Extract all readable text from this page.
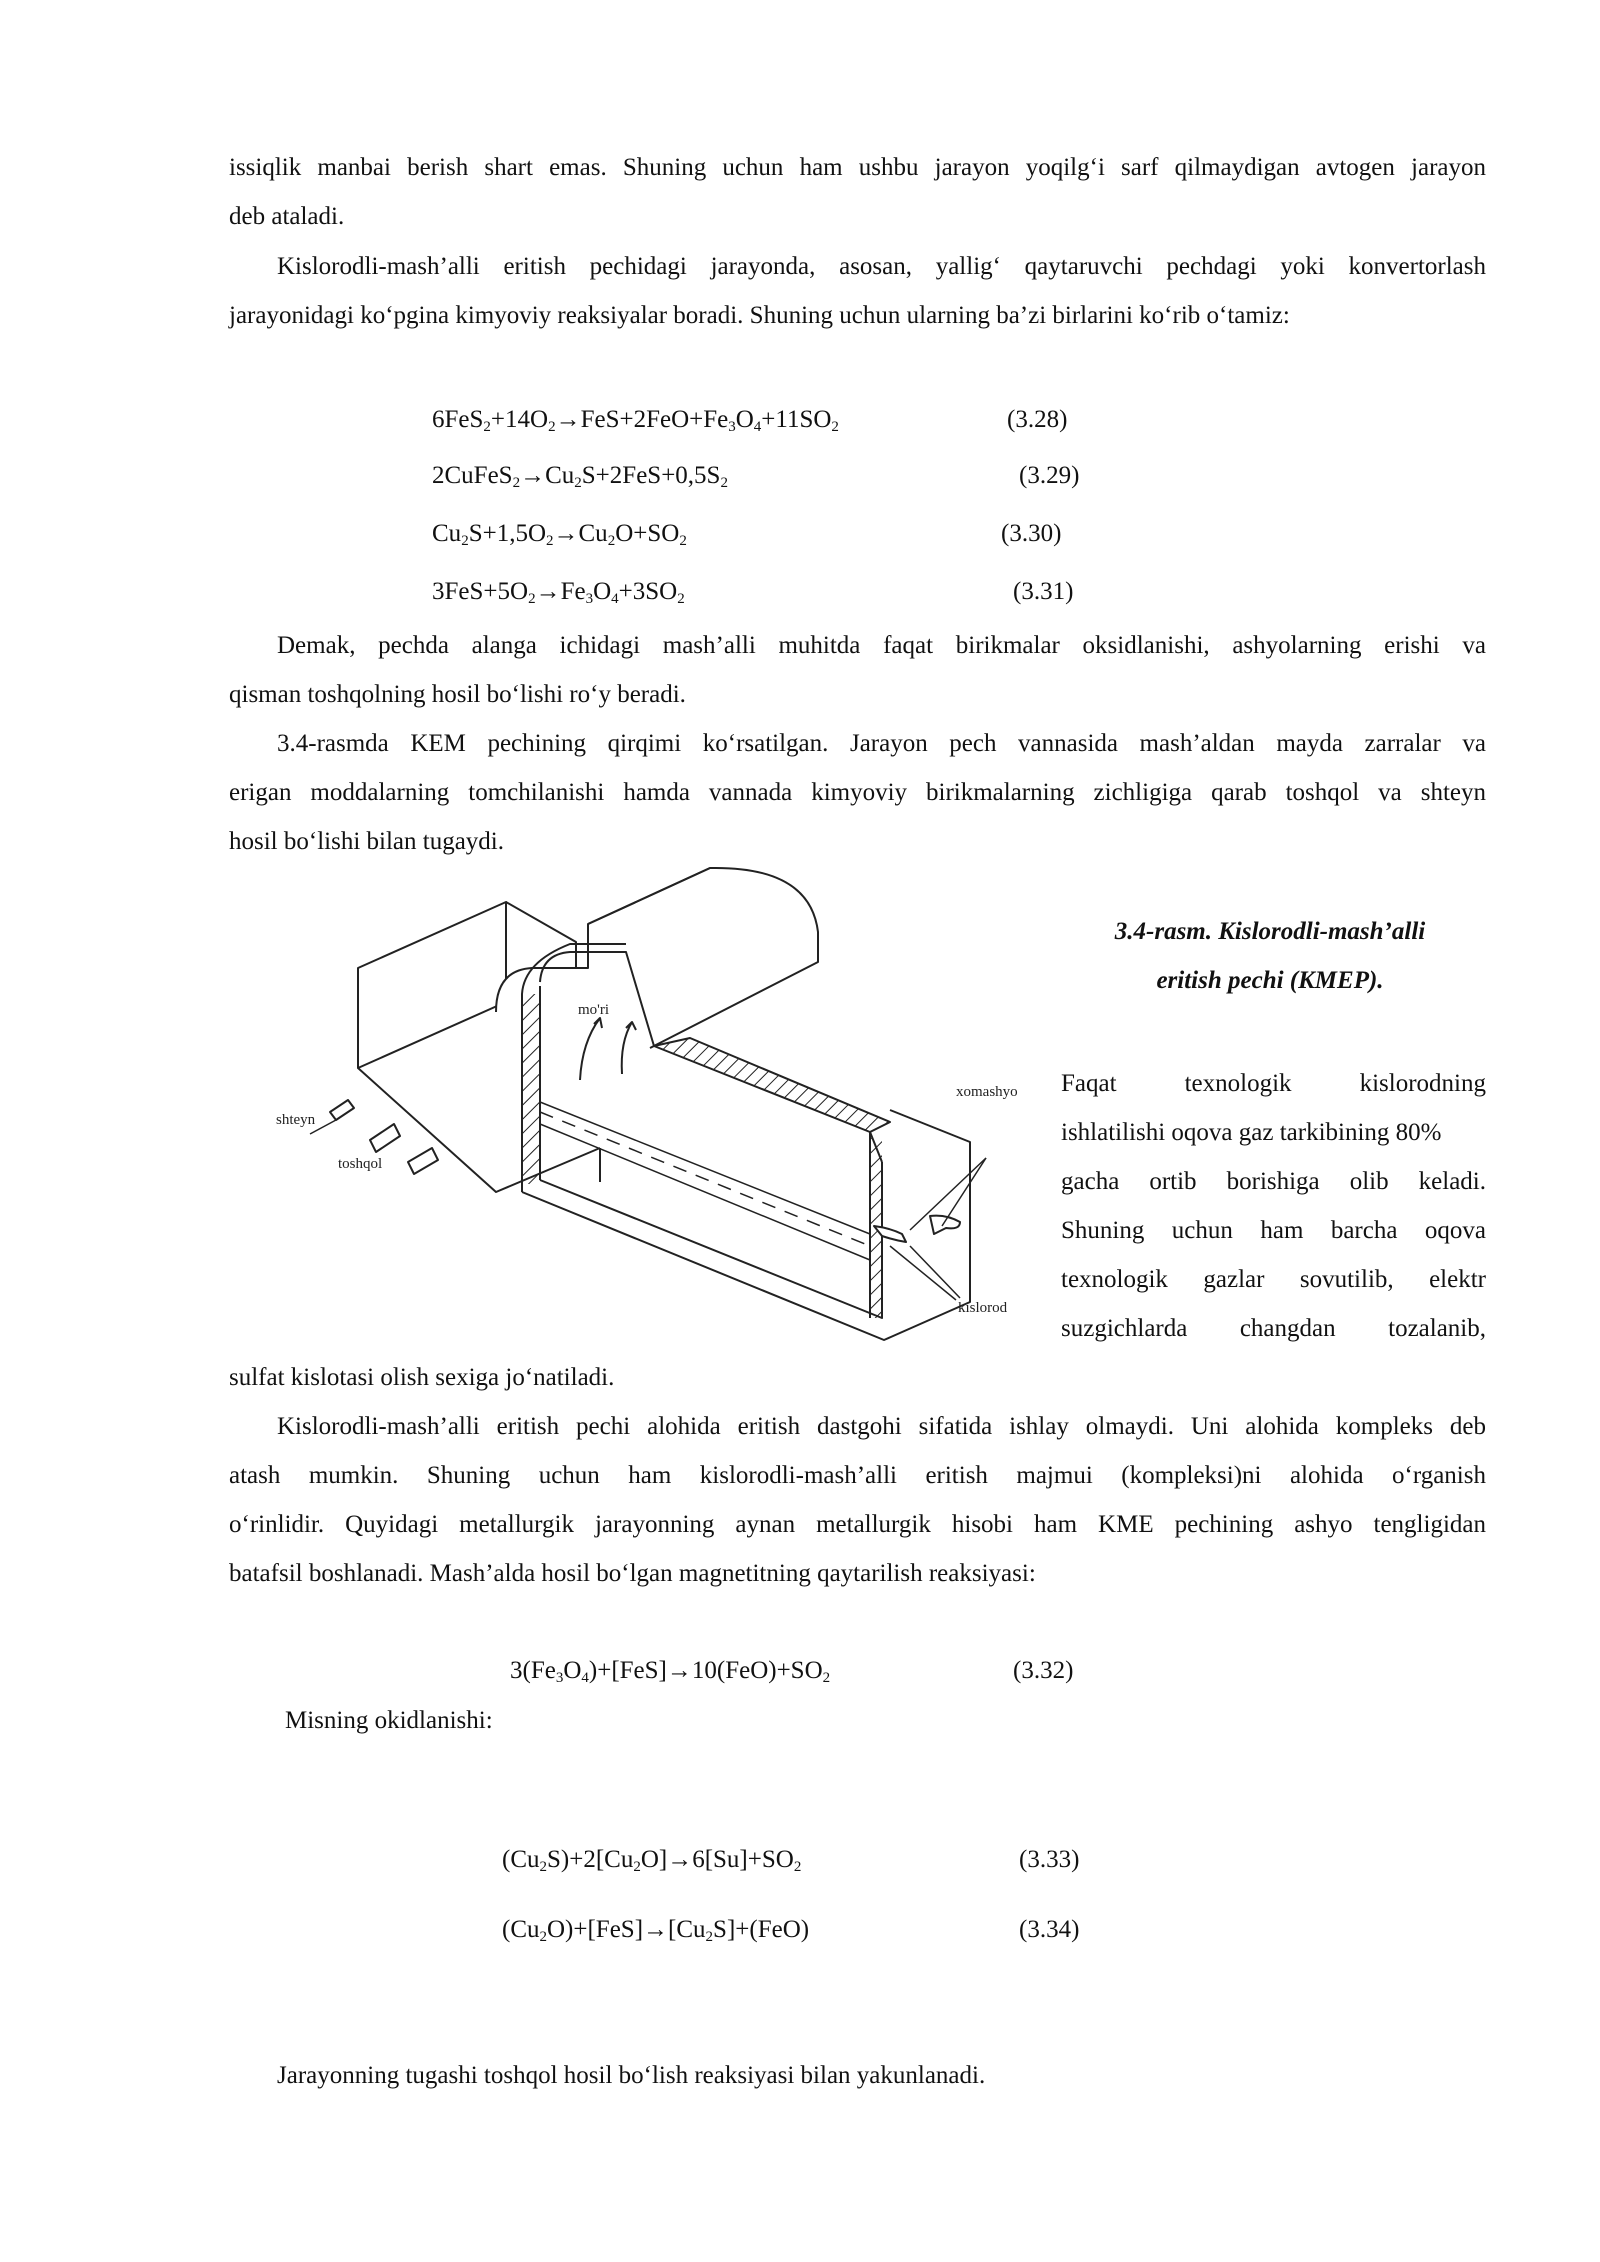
issiqlik manbai berish shart emas. Shuning uchun ham ushbu jarayon yoqilg‘i sarf qilmaydigan avtogen jarayon
deb ataladi.
Kislorodli-mash’alli eritish pechidagi jarayonda, asosan, yallig‘ qaytaruvchi pechdagi yoki konvertorlash
jarayonidagi ko‘pgina kimyoviy reaksiyalar boradi. Shuning uchun ularning ba’zi birlarini ko‘rib o‘tamiz:
$6FeS_2+14O_2\to FeS+2FeO+Fe_3O_4+11SO_2$	(3.28)
$2CuFeS_2\to Cu_2S+2FeS+0,5S_2$	(3.29)
$Cu_2S+1,5O_2\to Cu_2O+SO_2$	(3.30)
$3FeS+5O_2\to Fe_3O_4+3SO_2$	(3.31)
Demak, pechda alanga ichidagi mash’alli muhitda faqat birikmalar oksidlanishi, ashyolarning erishi va
qisman toshqolning hosil bo‘lishi ro‘y beradi.
3.4-rasmda KEM pechining qirqimi ko‘rsatilgan. Jarayon pech vannasida mash’aldan mayda zarralar va
erigan moddalarning tomchilanishi hamda vannada kimyoviy birikmalarning zichligiga qarab toshqol va shteyn
hosil bo‘lishi bilan tugaydi.
mo'ri
shteyn
toshqol
xomashyo
kislorod
3.4-rasm. Kislorodli-mash’alli
eritish pechi (KMEP).
Faqat texnologik kislorodning
ishlatilishi oqova gaz tarkibining 80%
gacha ortib borishiga olib keladi.
Shuning uchun ham barcha oqova
texnologik gazlar sovutilib, elektr
suzgichlarda changdan tozalanib,
sulfat kislotasi olish sexiga jo‘natiladi.
Kislorodli-mash’alli eritish pechi alohida eritish dastgohi sifatida ishlay olmaydi. Uni alohida kompleks deb
atash mumkin. Shuning uchun ham kislorodli-mash’alli eritish majmui (kompleksi)ni alohida o‘rganish
o‘rinlidir. Quyidagi metallurgik jarayonning aynan metallurgik hisobi ham KME pechining ashyo tengligidan
batafsil boshlanadi. Mash’alda hosil bo‘lgan magnetitning qaytarilish reaksiyasi:
$3(Fe_3O_4)+[FeS]\to 10(FeO)+SO_2$	(3.32)
Misning okidlanishi:
$(Cu_2S)+2[Cu_2O]\to 6[Su]+SO_2$	(3.33)
$(Cu_2O)+[FeS]\to[Cu_2S]+(FeO)$	(3.34)
Jarayonning tugashi toshqol hosil bo‘lish reaksiyasi bilan yakunlanadi.
